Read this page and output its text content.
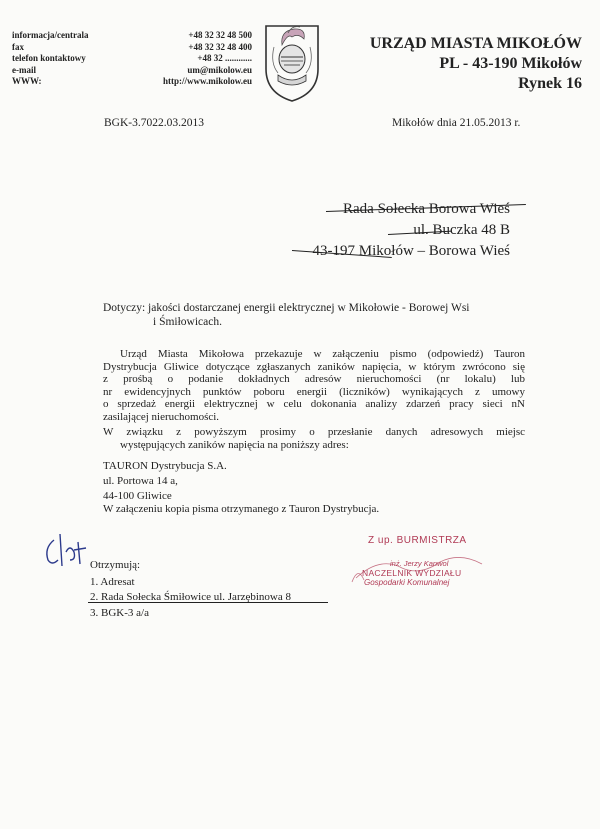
informacja/centrala
fax
telefon kontaktowy
e-mail
WWW:
+48 32 32 48 500
+48 32 32 48 400
+48 32 ............
um@mikolow.eu
http://www.mikolow.eu
URZĄD MIASTA MIKOŁÓW
PL - 43-190 Mikołów
Rynek 16
BGK-3.7022.03.2013	Mikołów dnia 21.05.2013 r.
Rada Sołecka Borowa Wieś
ul. Buczka 48 B
43-197 Mikołów – Borowa Wieś
Dotyczy: jakości dostarczanej energii elektrycznej w Mikołowie - Borowej Wsi
i Śmiłowicach.
Urząd Miasta Mikołowa przekazuje w załączeniu pismo (odpowiedź) Tauron
Dystrybucja Gliwice dotyczące zgłaszanych zaników napięcia, w którym zwrócono się
z prośbą o podanie dokładnych adresów nieruchomości (nr lokalu) lub
nr ewidencyjnych punktów poboru energii (liczników) wynikających z umowy
o sprzedaż energii elektrycznej w celu dokonania analizy zdarzeń pracy sieci nN
zasilającej nieruchomości.
W związku z powyższym prosimy o przesłanie danych adresowych miejsc
występujących zaników napięcia na poniższy adres:
TAURON Dystrybucja S.A.
ul. Portowa 14 a,
44-100 Gliwice
W załączeniu kopia pisma otrzymanego z Tauron Dystrybucja.
Z up. BURMISTRZA
inż. Jerzy Kanwol
NACZELNIK WYDZIAŁU
Gospodarki Komunalnej
Otrzymują:
1. Adresat
2. Rada Sołecka Śmiłowice ul. Jarzębinowa 8
3. BGK-3 a/a
